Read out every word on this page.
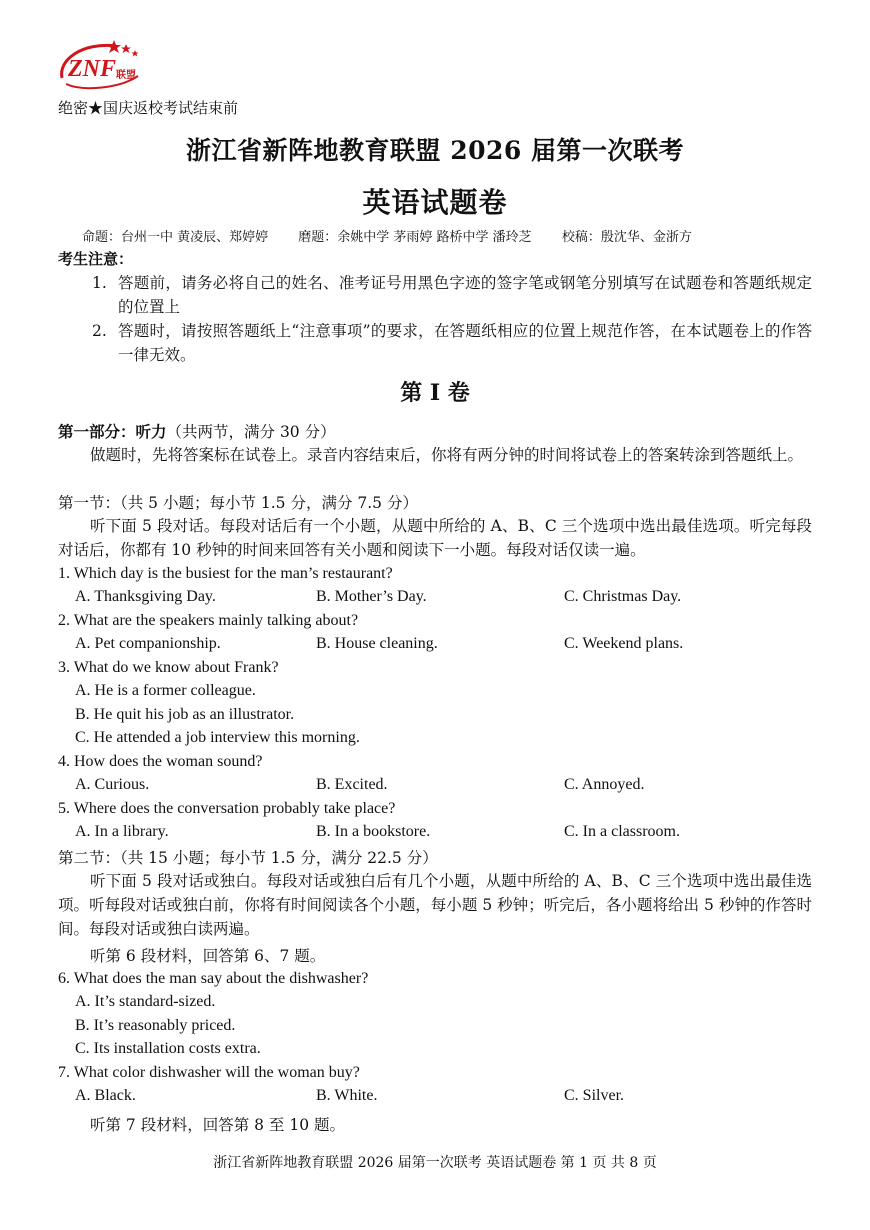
ZNF 联盟
绝密★国庆返校考试结束前
浙江省新阵地教育联盟 2026 届第一次联考
英语试题卷
命题：台州一中 黄凌辰、郑婷婷 磨题：余姚中学 茅雨婷 路桥中学 潘玲芝 校稿：殷沈华、金浙方
考生注意：
1. 答题前，请务必将自己的姓名、准考证号用黑色字迹的签字笔或钢笔分别填写在试题卷和答题纸规定的位置上
2. 答题时，请按照答题纸上“注意事项”的要求，在答题纸相应的位置上规范作答，在本试题卷上的作答一律无效。
第 I 卷
第一部分：听力（共两节，满分 30 分）
做题时，先将答案标在试卷上。录音内容结束后，你将有两分钟的时间将试卷上的答案转涂到答题纸上。
第一节：（共 5 小题；每小节 1.5 分，满分 7.5 分）
听下面 5 段对话。每段对话后有一个小题，从题中所给的 A、B、C 三个选项中选出最佳选项。听完每段对话后，你都有 10 秒钟的时间来回答有关小题和阅读下一小题。每段对话仅读一遍。
1. Which day is the busiest for the man’s restaurant?
A. Thanksgiving Day.	B. Mother’s Day.	C. Christmas Day.
2. What are the speakers mainly talking about?
A. Pet companionship.	B. House cleaning.	C. Weekend plans.
3. What do we know about Frank?
A. He is a former colleague.
B. He quit his job as an illustrator.
C. He attended a job interview this morning.
4. How does the woman sound?
A. Curious.	B. Excited.	C. Annoyed.
5. Where does the conversation probably take place?
A. In a library.	B. In a bookstore.	C. In a classroom.
第二节：（共 15 小题；每小节 1.5 分，满分 22.5 分）
听下面 5 段对话或独白。每段对话或独白后有几个小题，从题中所给的 A、B、C 三个选项中选出最佳选项。听每段对话或独白前，你将有时间阅读各个小题，每小题 5 秒钟；听完后，各小题将给出 5 秒钟的作答时间。每段对话或独白读两遍。
听第 6 段材料，回答第 6、7 题。
6. What does the man say about the dishwasher?
A. It’s standard-sized.
B. It’s reasonably priced.
C. Its installation costs extra.
7. What color dishwasher will the woman buy?
A. Black.	B. White.	C. Silver.
听第 7 段材料，回答第 8 至 10 题。
浙江省新阵地教育联盟 2026 届第一次联考 英语试题卷 第 1 页 共 8 页
